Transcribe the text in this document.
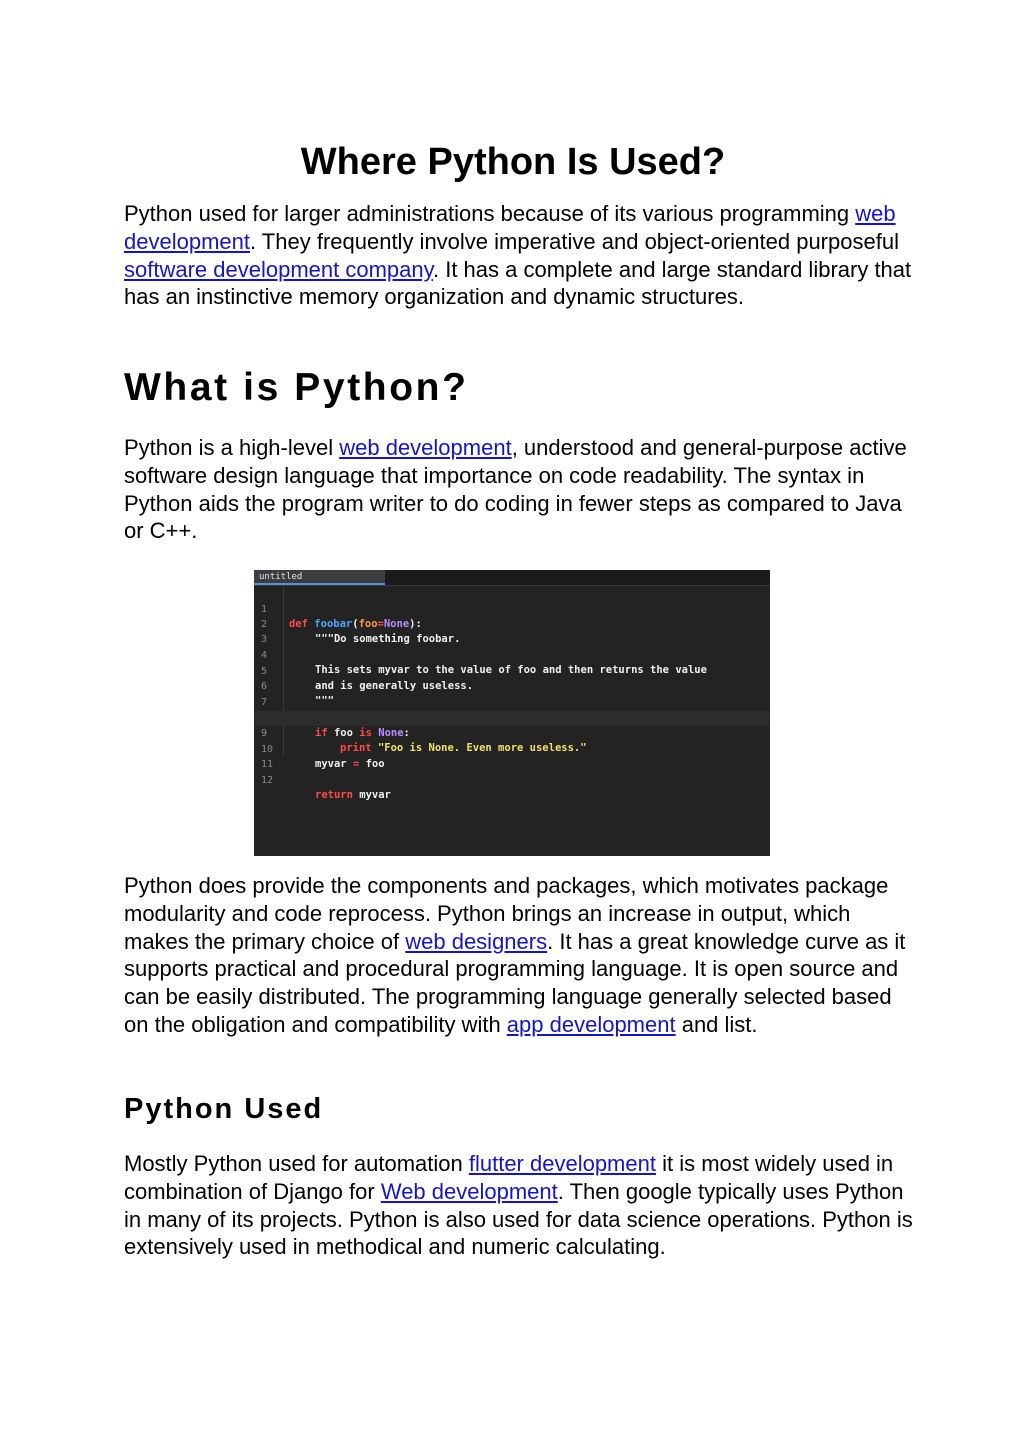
Where Python Is Used?

Python used for larger administrations because of its various programming web development. They frequently involve imperative and object-oriented purposeful software development company. It has a complete and large standard library that has an instinctive memory organization and dynamic structures.

What is Python?

Python is a high-level web development, understood and general-purpose active software design language that importance on code readability. The syntax in Python aids the program writer to do coding in fewer steps as compared to Java or C++.

Python does provide the components and packages, which motivates package modularity and code reprocess. Python brings an increase in output, which makes the primary choice of web designers. It has a great knowledge curve as it supports practical and procedural programming language. It is open source and can be easily distributed. The programming language generally selected based on the obligation and compatibility with app development and list.

Python Used

Mostly Python used for automation flutter development it is most widely used in combination of Django for Web development. Then google typically uses Python in many of its projects. Python is also used for data science operations. Python is extensively used in methodical and numeric calculating.

untitled

1

def foobar(foo=None):

2

"""Do something foobar.

3

4

This sets myvar to the value of foo and then returns the value

5

and is generally useless.

6

"""

7

if foo is None:

9

print "Foo is None. Even more useless."

10

myvar = foo

11

12

return myvar
